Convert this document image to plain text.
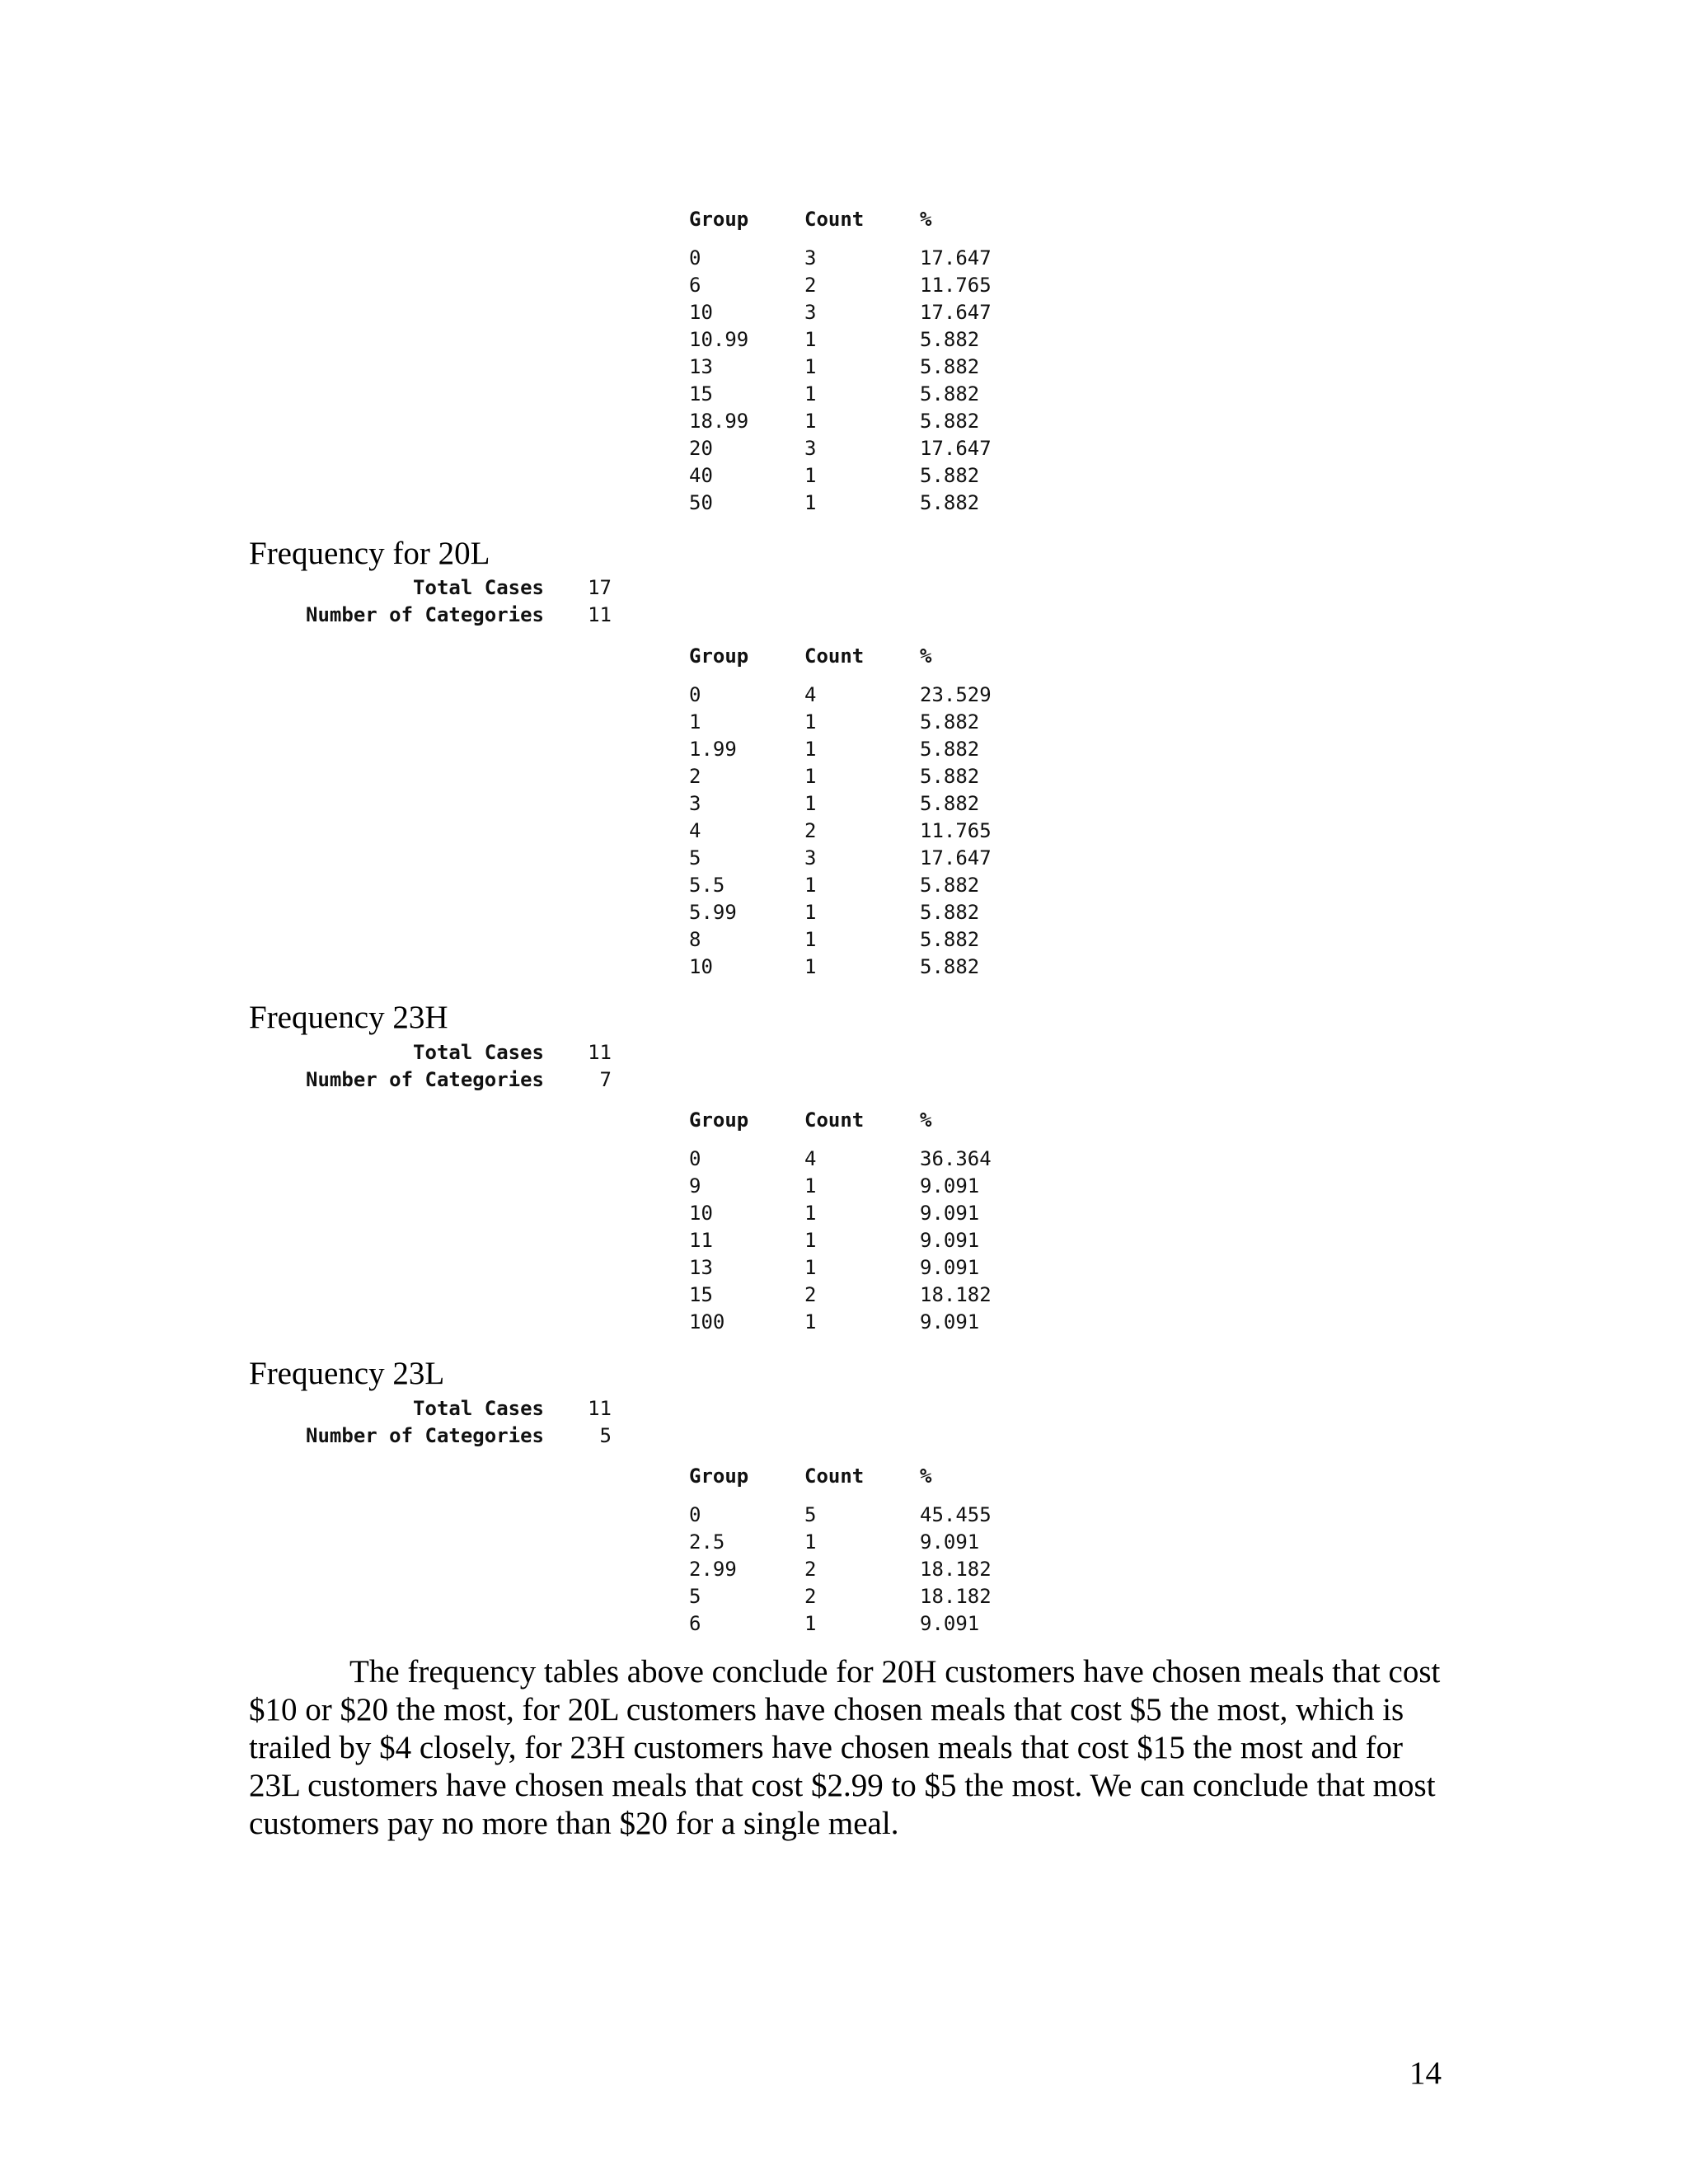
Group	Count	%
0	3	17.647
6	2	11.765
10	3	17.647
10.99	1	5.882
13	1	5.882
15	1	5.882
18.99	1	5.882
20	3	17.647
40	1	5.882
50	1	5.882
Frequency for 20L
Total Cases	17
Number of Categories	11
Group	Count	%
0	4	23.529
1	1	5.882
1.99	1	5.882
2	1	5.882
3	1	5.882
4	2	11.765
5	3	17.647
5.5	1	5.882
5.99	1	5.882
8	1	5.882
10	1	5.882
Frequency 23H
Total Cases	11
Number of Categories	7
Group	Count	%
0	4	36.364
9	1	9.091
10	1	9.091
11	1	9.091
13	1	9.091
15	2	18.182
100	1	9.091
Frequency 23L
Total Cases	11
Number of Categories	5
Group	Count	%
0	5	45.455
2.5	1	9.091
2.99	2	18.182
5	2	18.182
6	1	9.091

The frequency tables above conclude for 20H customers have chosen meals that cost $10 or $20 the most, for 20L customers have chosen meals that cost $5 the most, which is trailed by $4 closely, for 23H customers have chosen meals that cost $15 the most and for 23L customers have chosen meals that cost $2.99 to $5 the most. We can conclude that most customers pay no more than $20 for a single meal.

14
